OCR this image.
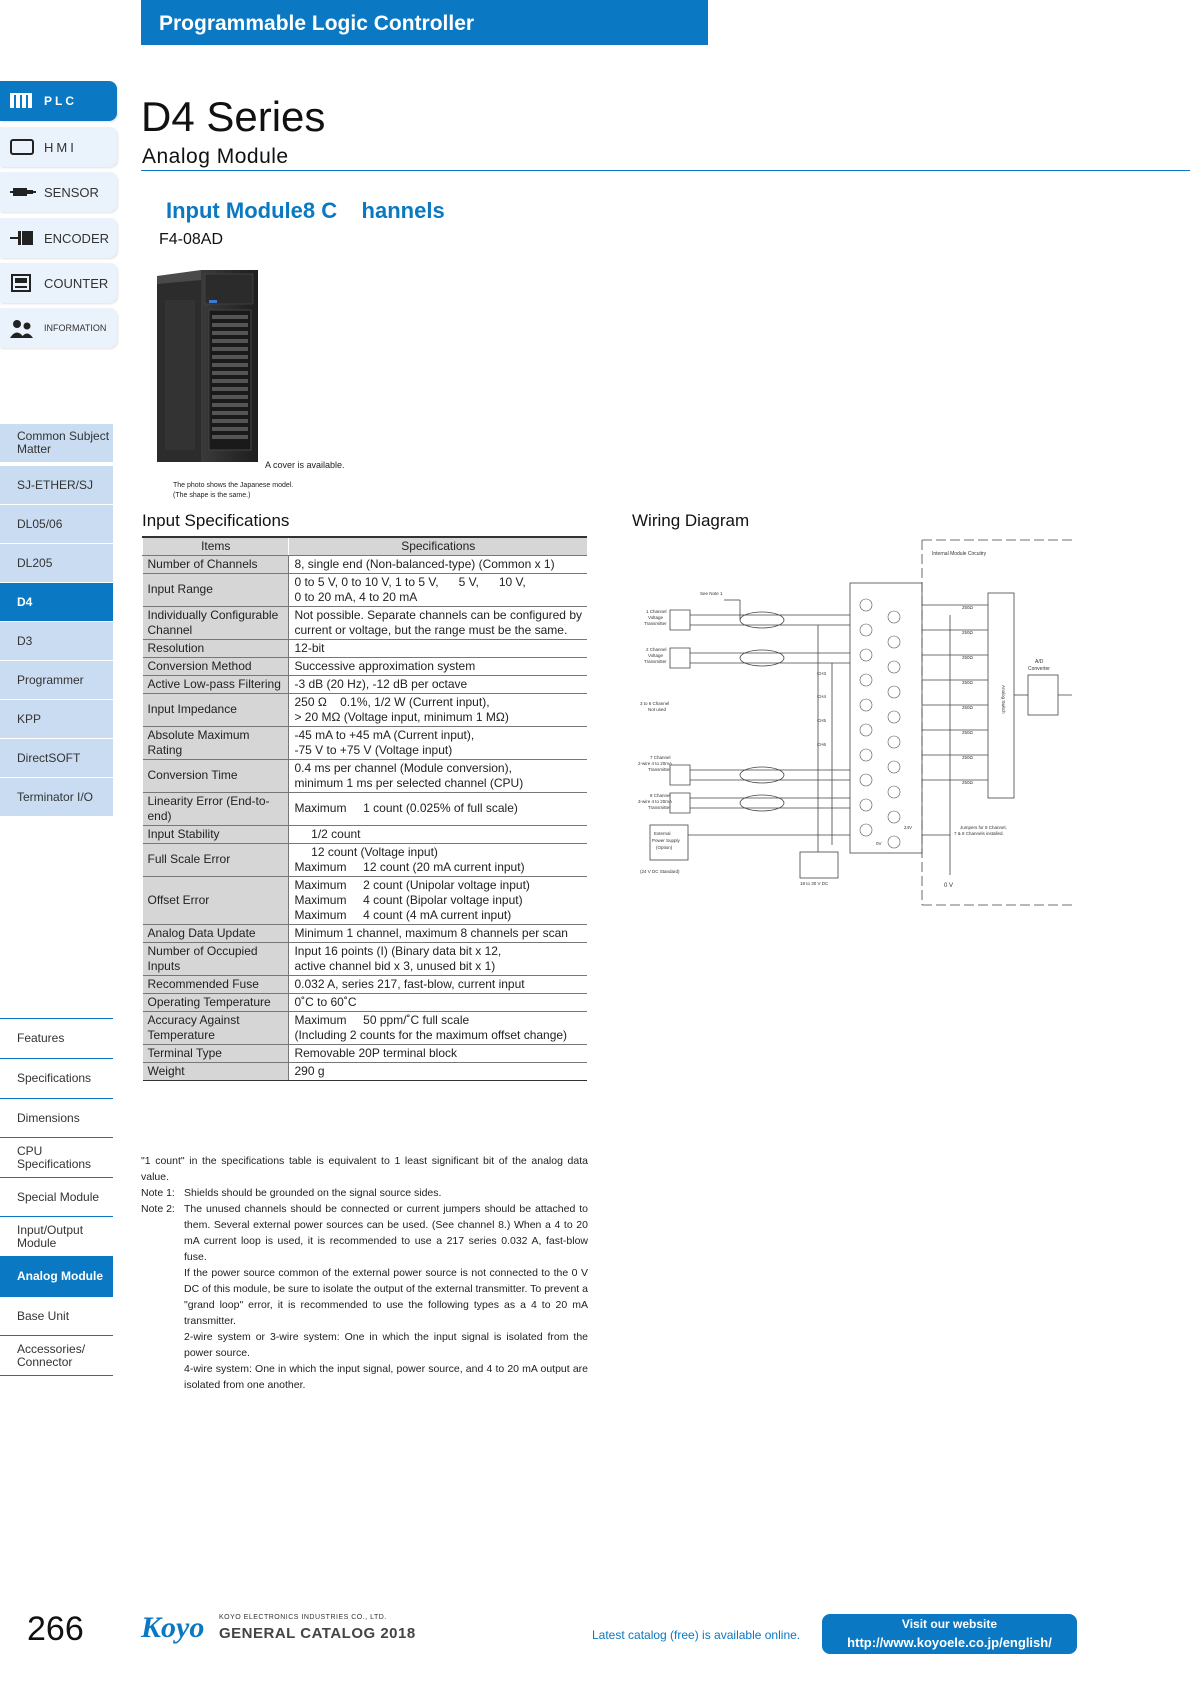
Programmable Logic Controller
PLC
HMI
SENSOR
ENCODER
COUNTER
INFORMATION
Common Subject Matter
SJ-ETHER/SJ
DL05/06
DL205
D4
D3
Programmer
KPP
DirectSOFT
Terminator I/O
Features
Specifications
Dimensions
CPU Specifications
Special Module
Input/Output Module
Analog Module
Base Unit
Accessories/ Connector
D4 Series
Analog Module
Input Module8 C    hannels
F4-08AD
A cover is available.
The photo shows the Japanese model.
(The shape is the same.)
Input Specifications	Wiring Diagram
Items	Specifications
Number of Channels	8, single end (Non-balanced-type) (Common x 1)

Input Range	0 to 5 V, 0 to 10 V, 1 to 5 V,      5 V,      10 V,
0 to 20 mA, 4 to 20 mA

Individually Configurable Channel	Not possible. Separate channels can be configured by
current or voltage, but the range must be the same.

Resolution	12-bit

Conversion Method	Successive approximation system

Active Low-pass Filtering	-3 dB (20 Hz), -12 dB per octave

Input Impedance	250 Ω    0.1%, 1/2 W (Current input),
> 20 MΩ (Voltage input, minimum 1 MΩ)

Absolute Maximum Rating	-45 mA to +45 mA (Current input),
-75 V to +75 V (Voltage input)

Conversion Time	0.4 ms per channel (Module conversion),
minimum 1 ms per selected channel (CPU)

Linearity Error (End-to-end)	Maximum     1 count (0.025% of full scale)

Input Stability	1/2 count

Full Scale Error	12 count (Voltage input)
Maximum     12 count (20 mA current input)

Offset Error	Maximum     2 count (Unipolar voltage input)
Maximum     4 count (Bipolar voltage input)
Maximum     4 count (4 mA current input)

Analog Data Update	Minimum 1 channel, maximum 8 channels per scan

Number of Occupied Inputs	Input 16 points (I) (Binary data bit x 12,
active channel bid x 3, unused bit x 1)

Recommended Fuse	0.032 A, series 217, fast-blow, current input

Operating Temperature	0˚C to 60˚C

Accuracy Against Temperature	Maximum     50 ppm/˚C full scale
(Including 2 counts for the maximum offset change)

Terminal Type	Removable 20P terminal block

Weight	290 g
"1 count" in the specifications table is equivalent to 1 least significant bit of the analog data value.
Note 1: Shields should be grounded on the signal source sides.
Note 2: The unused channels should be connected or current jumpers should be attached to them. Several external power sources can be used. (See channel 8.) When a 4 to 20 mA current loop is used, it is recommended to use a 217 series 0.032 A, fast-blow fuse.
If the power source common of the external power source is not connected to the 0 V DC of this module, be sure to isolate the output of the external transmitter. To prevent a "grand loop" error, it is recommended to use the following types as a 4 to 20 mA transmitter.
2-wire system or 3-wire system: One in which the input signal is isolated from the power source.
4-wire system: One in which the input signal, power source, and 4 to 20 mA output are isolated from one another.
Internal Module Circuitry
See Note 1
1 Channel
Voltage
Transmitter
2 Channel
Voltage
Transmitter
3 to 6 Channel
Not used
7 Channel
2-wire 4 to 20mA
Transmitter
8 Channel
3-wire 4 to 20mA
Transmitter
External
Power Supply
(Option)
(24 V DC Standard)
18 to 30 V DC	0 V
A/D
Converter
Analog Switch
Jumpers for 8 Channel,
7 & 8 Channels installed.
CH3
CH4
CH5
CH6
250Ω
250Ω
250Ω
250Ω
250Ω
250Ω
250Ω
250Ω
24V
0V
266 Koyo KOYO ELECTRONICS INDUSTRIES CO., LTD.
GENERAL CATALOG 2018	Latest catalog (free) is available online.
Visit our website
http://www.koyoele.co.jp/english/
